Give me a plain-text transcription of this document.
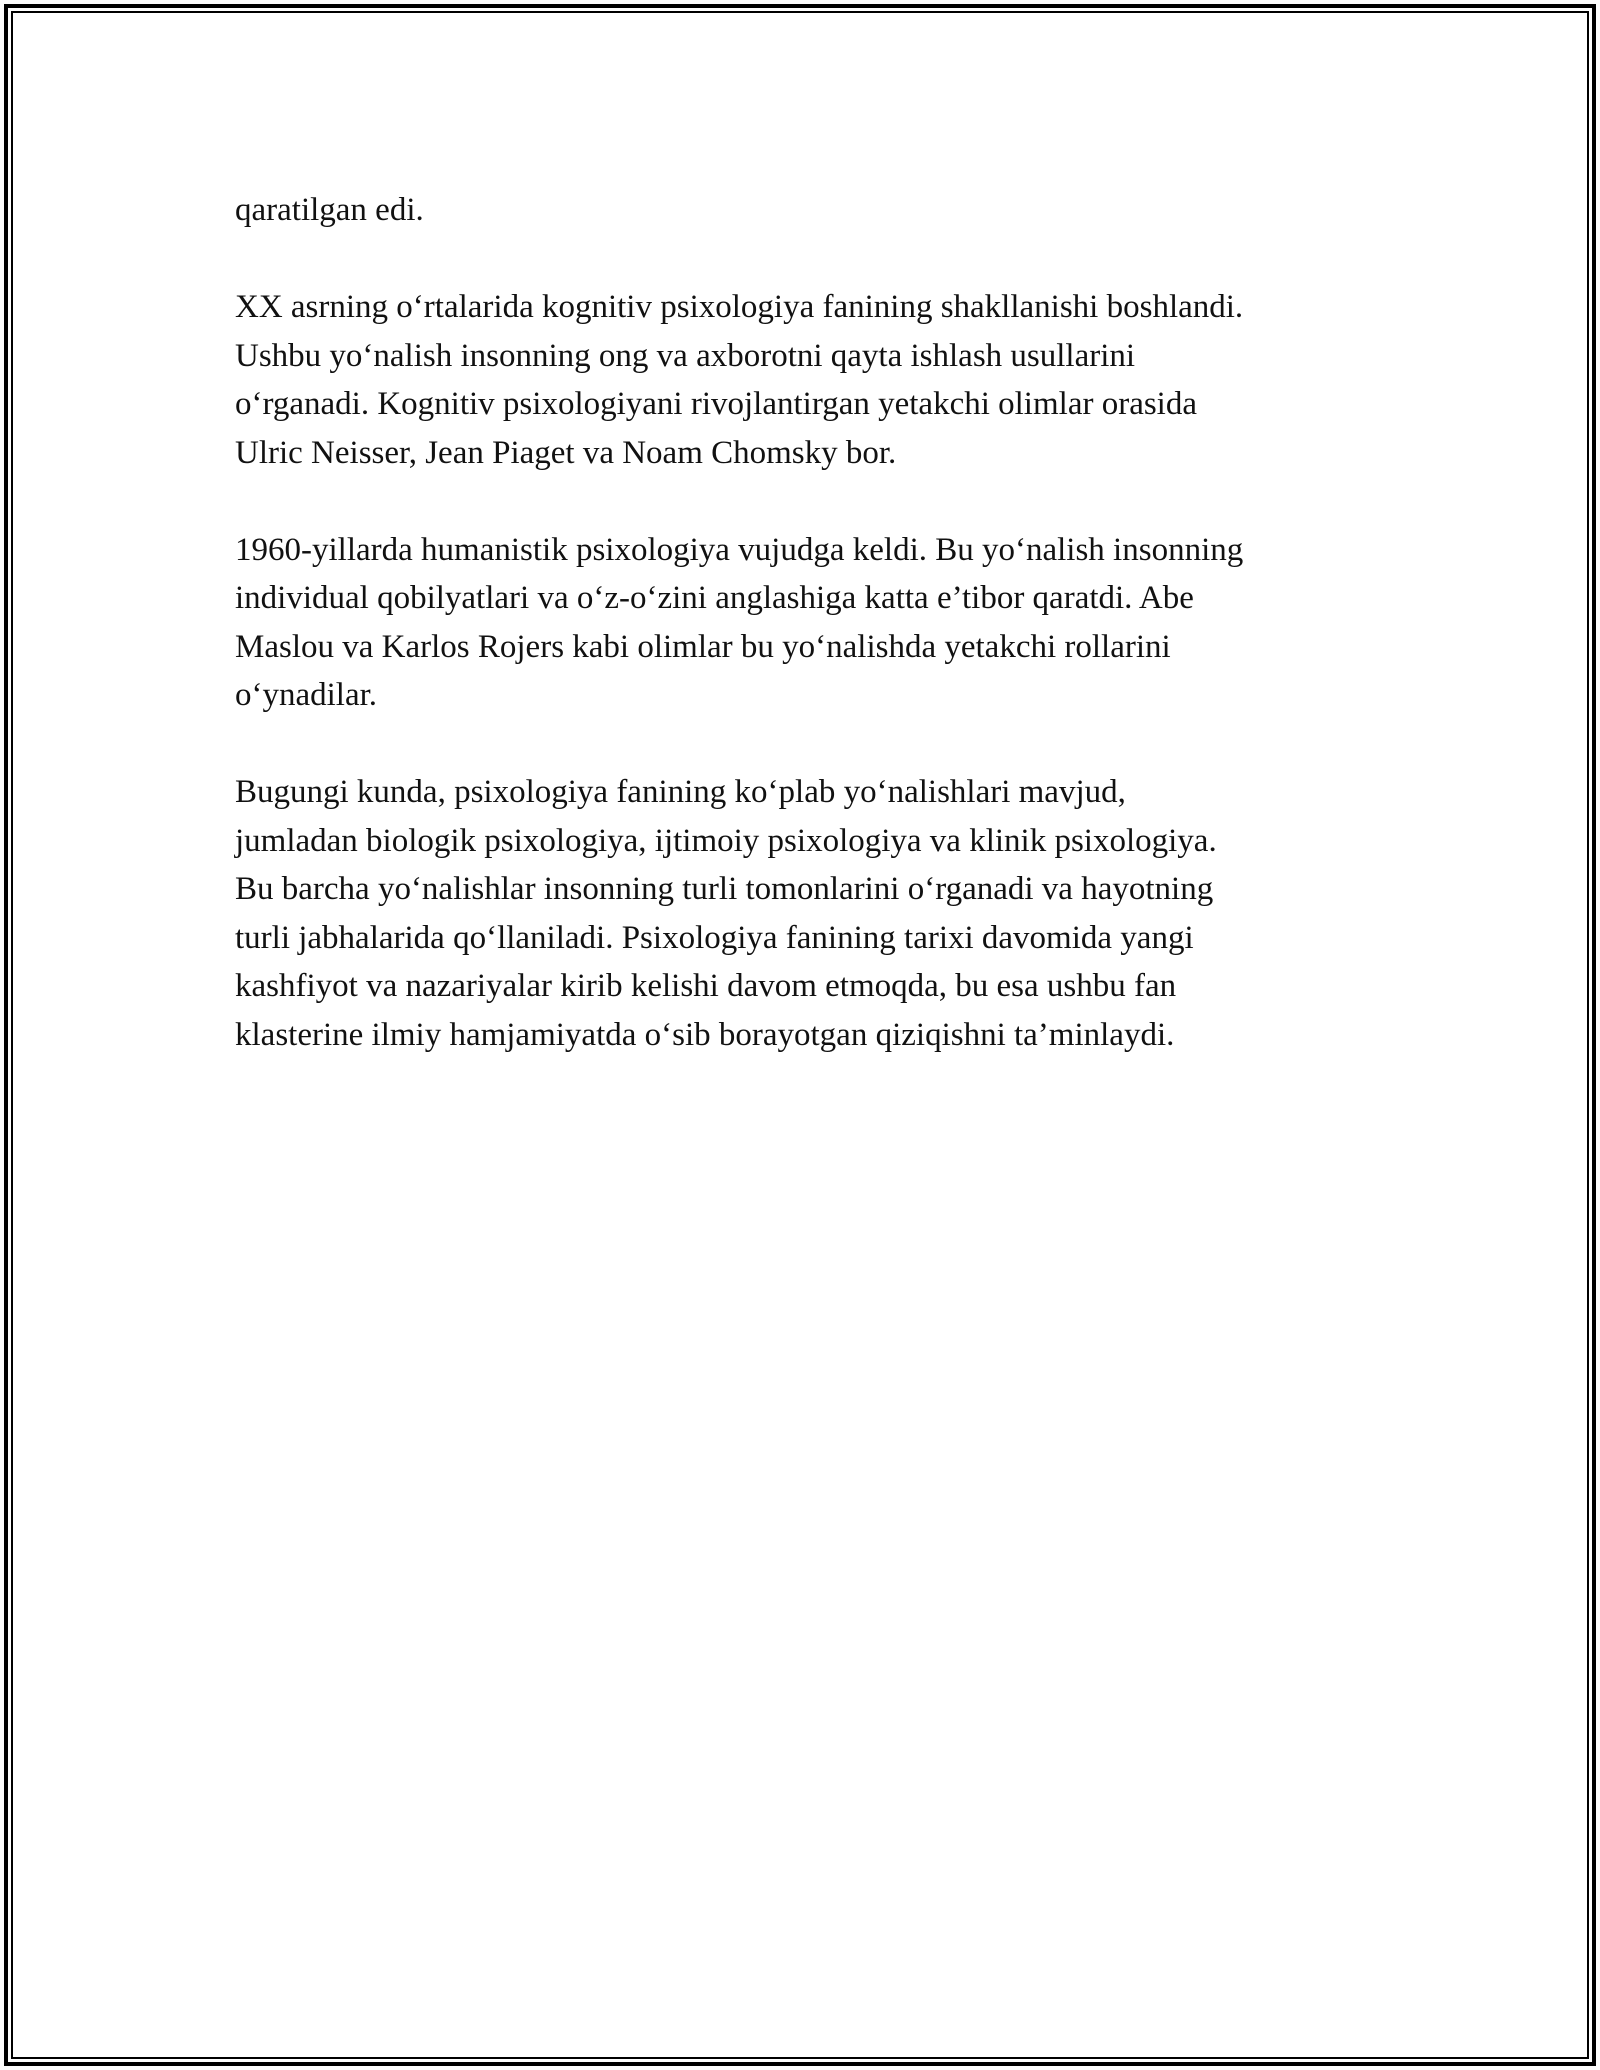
qaratilgan edi.

XX asrning o‘rtalarida kognitiv psixologiya fanining shakllanishi boshlandi.
Ushbu yo‘nalish insonning ong va axborotni qayta ishlash usullarini
o‘rganadi. Kognitiv psixologiyani rivojlantirgan yetakchi olimlar orasida
Ulric Neisser, Jean Piaget va Noam Chomsky bor.

1960-yillarda humanistik psixologiya vujudga keldi. Bu yo‘nalish insonning
individual qobilyatlari va o‘z-o‘zini anglashiga katta e’tibor qaratdi. Abe
Maslou va Karlos Rojers kabi olimlar bu yo‘nalishda yetakchi rollarini
o‘ynadilar.

Bugungi kunda, psixologiya fanining ko‘plab yo‘nalishlari mavjud,
jumladan biologik psixologiya, ijtimoiy psixologiya va klinik psixologiya.
Bu barcha yo‘nalishlar insonning turli tomonlarini o‘rganadi va hayotning
turli jabhalarida qo‘llaniladi. Psixologiya fanining tarixi davomida yangi
kashfiyot va nazariyalar kirib kelishi davom etmoqda, bu esa ushbu fan
klasterine ilmiy hamjamiyatda o‘sib borayotgan qiziqishni ta’minlaydi.
